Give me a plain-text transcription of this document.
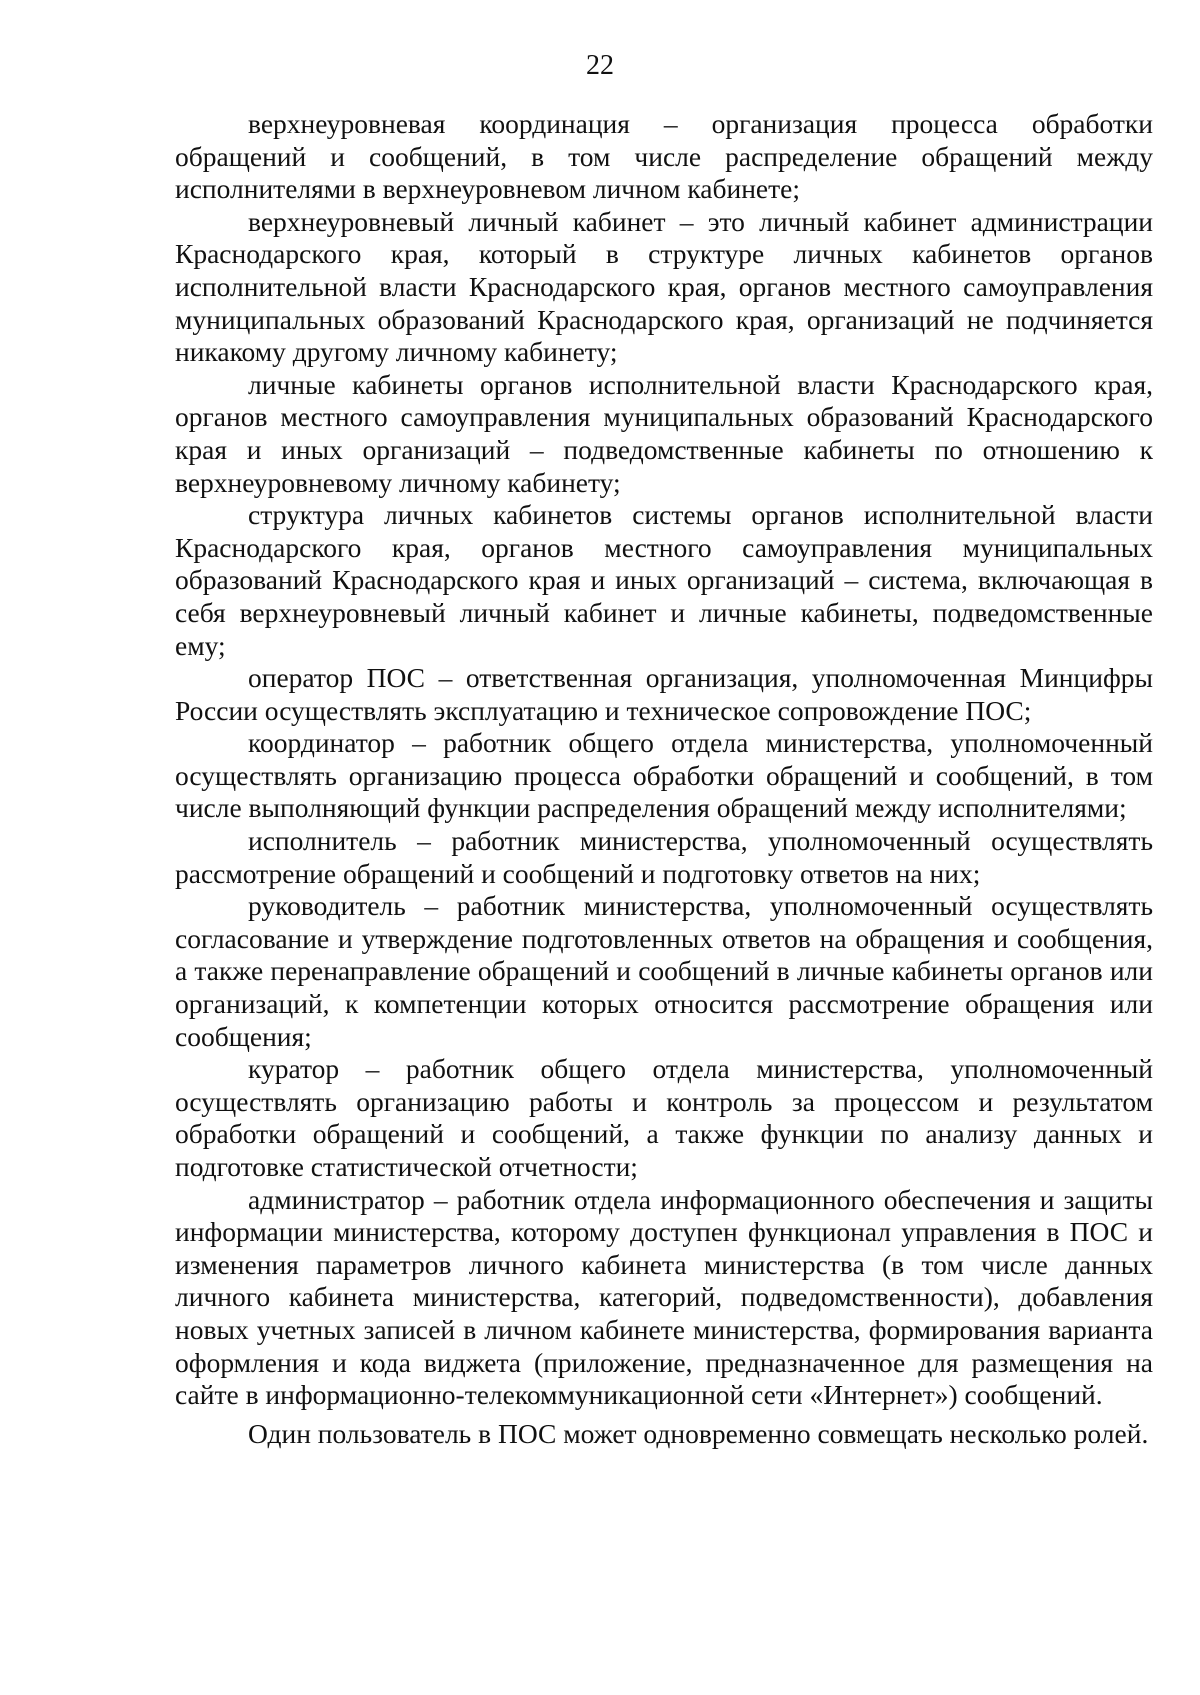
22

верхнеуровневая координация – организация процесса обработки обращений и сообщений, в том числе распределение обращений между исполнителями в верхнеуровневом личном кабинете;

верхнеуровневый личный кабинет – это личный кабинет администрации Краснодарского края, который в структуре личных кабинетов органов исполнительной власти Краснодарского края, органов местного самоуправления муниципальных образований Краснодарского края, организаций не подчиняется никакому другому личному кабинету;

личные кабинеты органов исполнительной власти Краснодарского края, органов местного самоуправления муниципальных образований Краснодарского края и иных организаций – подведомственные кабинеты по отношению к верхнеуровневому личному кабинету;

структура личных кабинетов системы органов исполнительной власти Краснодарского края, органов местного самоуправления муниципальных образований Краснодарского края и иных организаций – система, включающая в себя верхнеуровневый личный кабинет и личные кабинеты, подведомственные ему;

оператор ПОС – ответственная организация, уполномоченная Минцифры России осуществлять эксплуатацию и техническое сопровождение ПОС;

координатор – работник общего отдела министерства, уполномоченный осуществлять организацию процесса обработки обращений и сообщений, в том числе выполняющий функции распределения обращений между исполнителями;

исполнитель – работник министерства, уполномоченный осуществлять рассмотрение обращений и сообщений и подготовку ответов на них;

руководитель – работник министерства, уполномоченный осуществлять согласование и утверждение подготовленных ответов на обращения и сообщения, а также перенаправление обращений и сообщений в личные кабинеты органов или организаций, к компетенции которых относится рассмотрение обращения или сообщения;

куратор – работник общего отдела министерства, уполномоченный осуществлять организацию работы и контроль за процессом и результатом обработки обращений и сообщений, а также функции по анализу данных и подготовке статистической отчетности;

администратор – работник отдела информационного обеспечения и защиты информации министерства, которому доступен функционал управления в ПОС и изменения параметров личного кабинета министерства (в том числе данных личного кабинета министерства, категорий, подведомственности), добавления новых учетных записей в личном кабинете министерства, формирования варианта оформления и кода виджета (приложение, предназначенное для размещения на сайте в информационно-телекоммуникационной сети «Интернет») сообщений.

Один пользователь в ПОС может одновременно совмещать несколько ролей.
